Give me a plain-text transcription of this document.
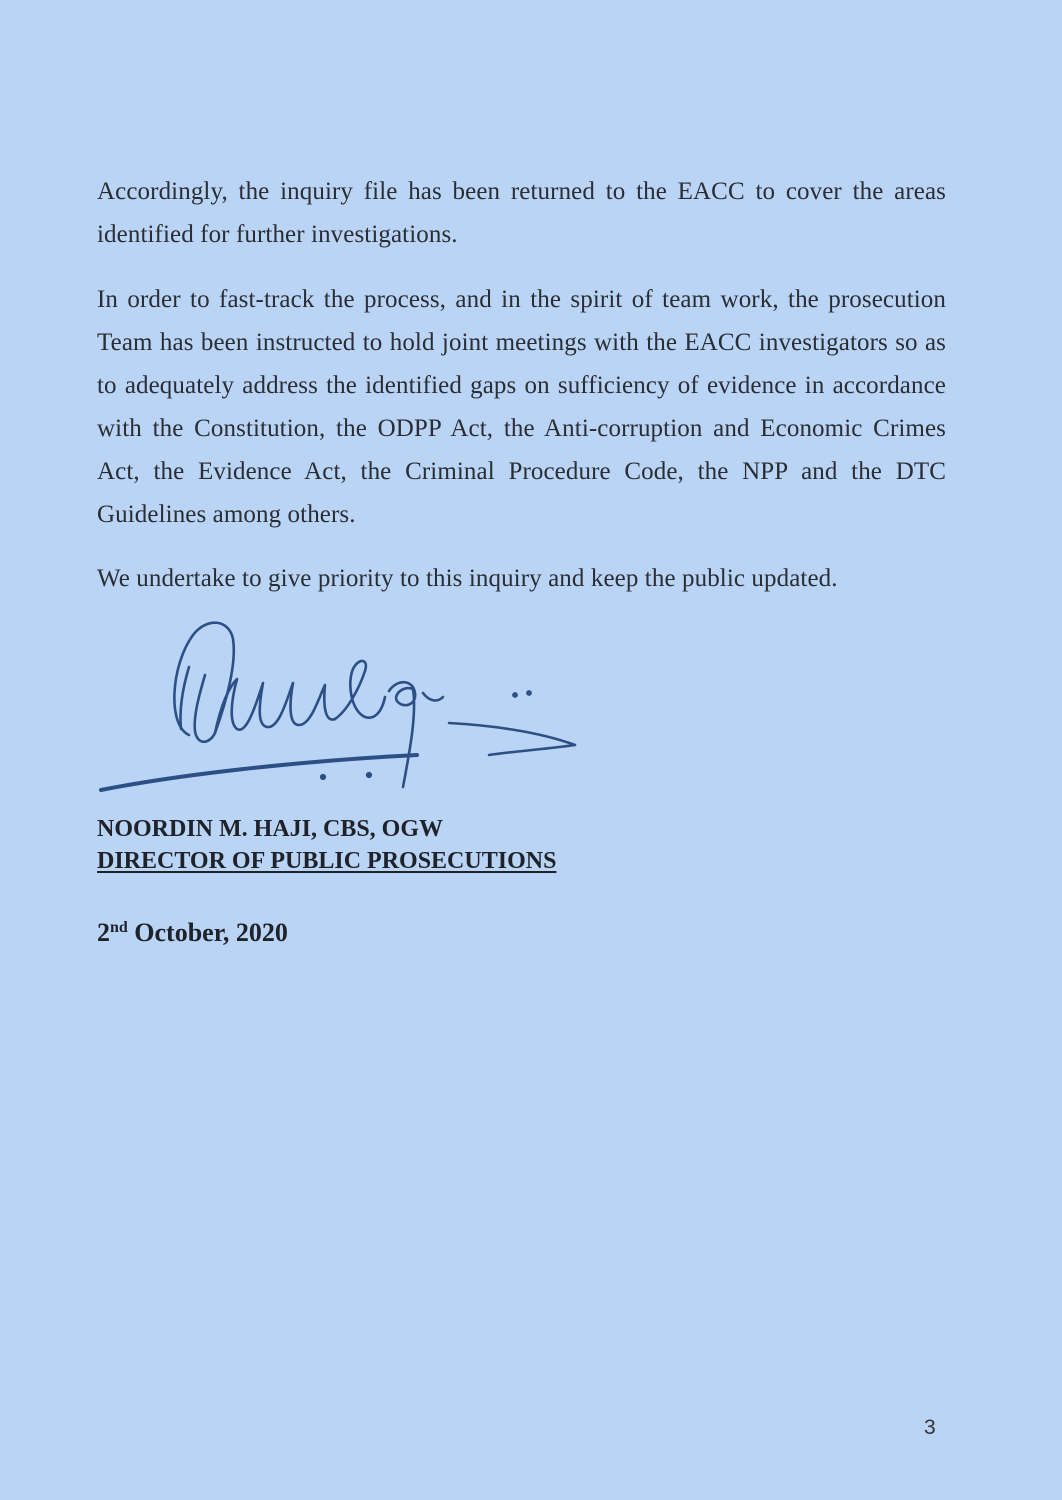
Accordingly, the inquiry file has been returned to the EACC to cover the areas identified for further investigations.

In order to fast-track the process, and in the spirit of team work, the prosecution Team has been instructed to hold joint meetings with the EACC investigators so as to adequately address the identified gaps on sufficiency of evidence in accordance with the Constitution, the ODPP Act, the Anti-corruption and Economic Crimes Act, the Evidence Act, the Criminal Procedure Code, the NPP and the DTC Guidelines among others.

We undertake to give priority to this inquiry and keep the public updated.

NOORDIN M. HAJI, CBS, OGW

DIRECTOR OF PUBLIC PROSECUTIONS

2nd October, 2020

3
